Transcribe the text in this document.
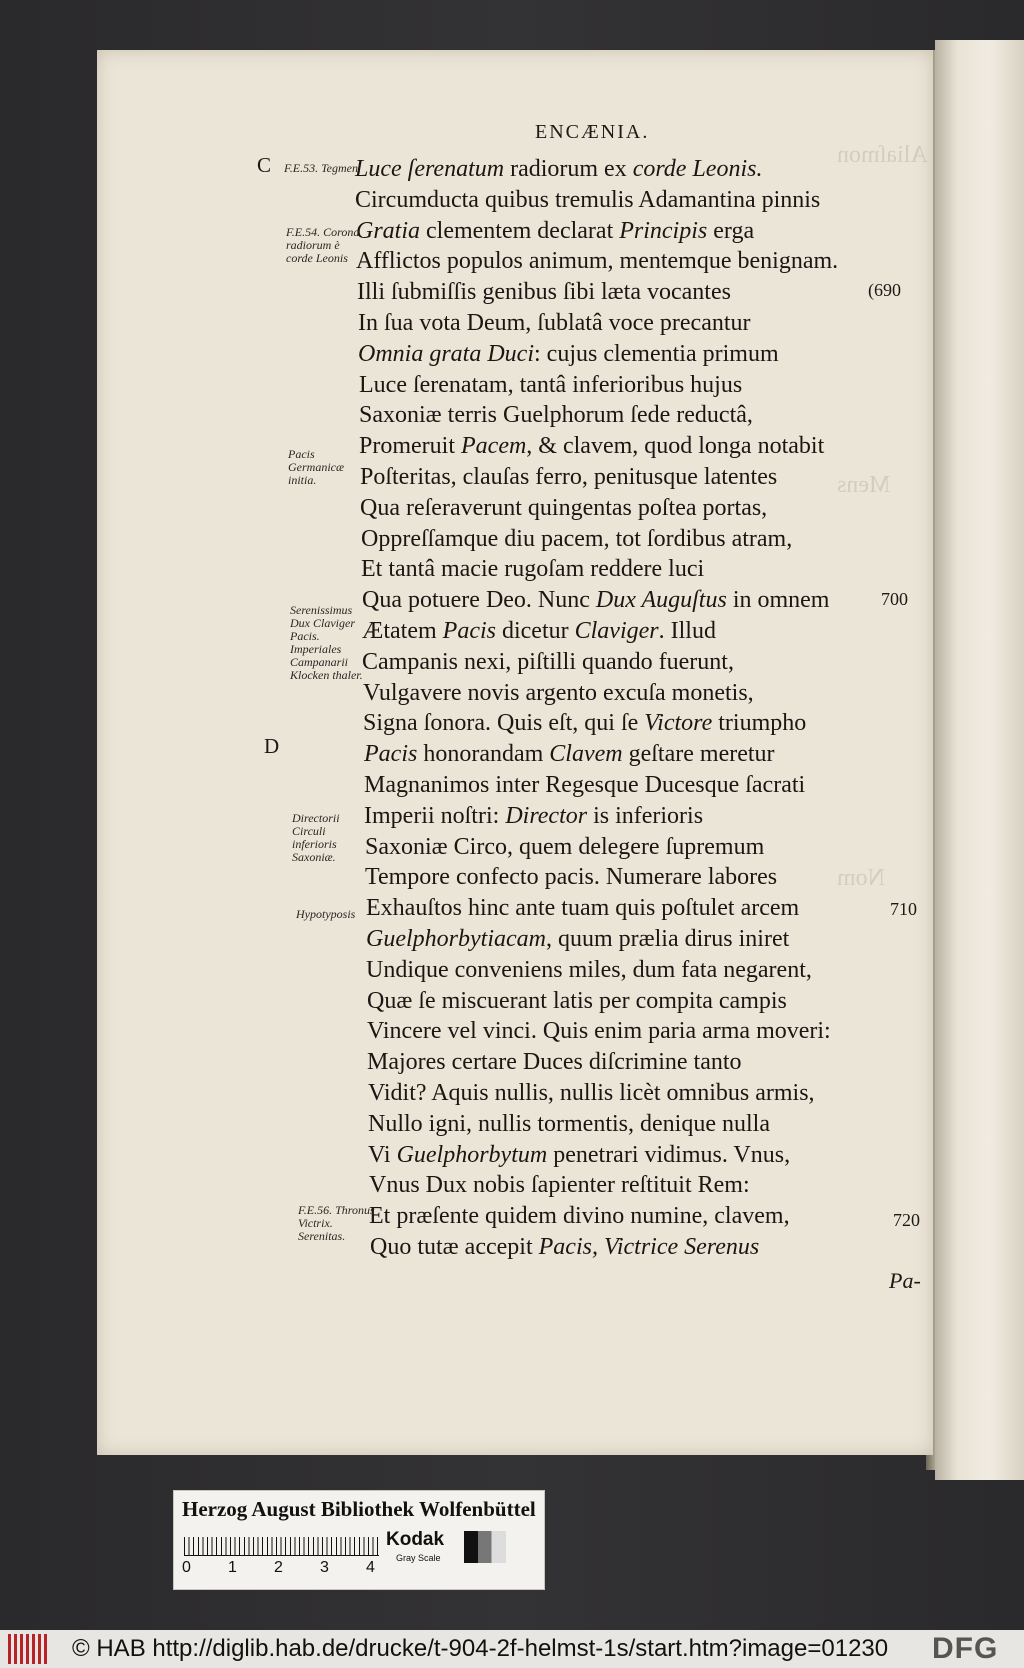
Aliaſmon
Mens
Nom
ENCÆNIA.
C
D
Luce ſerenatum radiorum ex corde Leonis.
Circumducta quibus tremulis Adamantina pinnis
Gratia clementem declarat Principis erga
Afflictos populos animum, mentemque benignam.
Illi ſubmiſſis genibus ſibi læta vocantes
In ſua vota Deum, ſublatâ voce precantur
Omnia grata Duci: cujus clementia primum
Luce ſerenatam, tantâ inferioribus hujus
Saxoniæ terris Guelphorum ſede reductâ,
Promeruit Pacem, & clavem, quod longa notabit
Poſteritas, clauſas ferro, penitusque latentes
Qua reſeraverunt quingentas poſtea portas,
Oppreſſamque diu pacem, tot ſordibus atram,
Et tantâ macie rugoſam reddere luci
Qua potuere Deo. Nunc Dux Auguſtus in omnem
Ætatem Pacis dicetur Claviger. Illud
Campanis nexi, piſtilli quando fuerunt,
Vulgavere novis argento excuſa monetis,
Signa ſonora. Quis eſt, qui ſe Victore triumpho
Pacis honorandam Clavem geſtare meretur
Magnanimos inter Regesque Ducesque ſacrati
Imperii noſtri: Director is inferioris
Saxoniæ Circo, quem delegere ſupremum
Tempore confecto pacis. Numerare labores
Exhauſtos hinc ante tuam quis poſtulet arcem
Guelphorbytiacam, quum prælia dirus iniret
Undique conveniens miles, dum fata negarent,
Quæ ſe miscuerant latis per compita campis
Vincere vel vinci. Quis enim paria arma moveri:
Majores certare Duces diſcrimine tanto
Vidit? Aquis nullis, nullis licèt omnibus armis,
Nullo igni, nullis tormentis, denique nulla
Vi Guelphorbytum penetrari vidimus. Vnus,
Vnus Dux nobis ſapienter reſtituit Rem:
Et præſente quidem divino numine, clavem,
Quo tutæ accepit Pacis, Victrice Serenus
F.E.53. Tegmen.
F.E.54. Corona radiorum è corde Leonis
Pacis Germanicæ initia.
Serenissimus Dux Claviger Pacis. Imperiales Campanarii Klocken thaler.
Directorii Circuli inferioris Saxoniæ.
Hypotyposis
F.E.56. Thronus Victrix. Serenitas.
(690
700
710
720
Pa-
Herzog August Bibliothek Wolfenbüttel
0 1 2 3 4
Kodak
Gray Scale
© HAB http://diglib.hab.de/drucke/t-904-2f-helmst-1s/start.htm?image=01230 DFG
